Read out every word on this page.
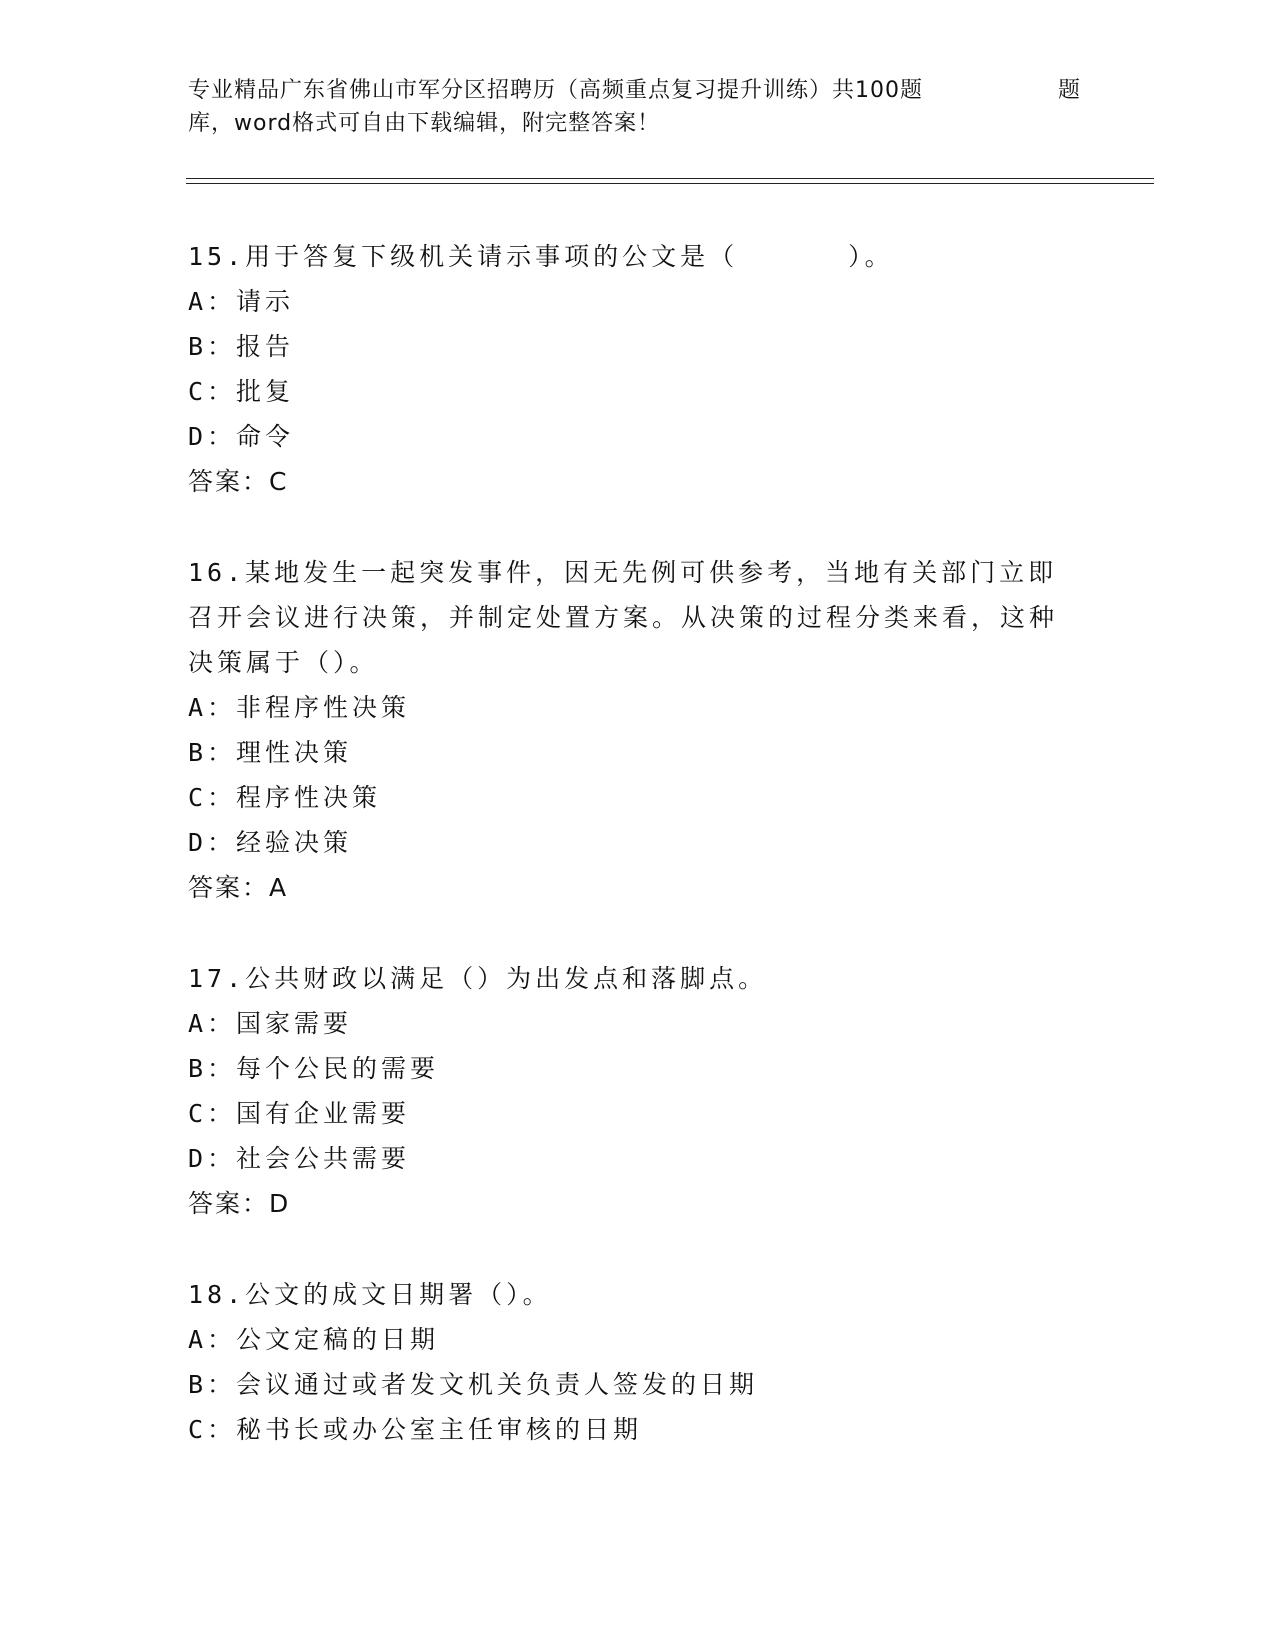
专业精品广东省佛山市军分区招聘历（高频重点复习提升训练）共100题	题
库，word格式可自由下载编辑，附完整答案！
15.用于答复下级机关请示事项的公文是（	）。
A：请示
B：报告
C：批复
D：命令
答案：C
16.某地发生一起突发事件，因无先例可供参考，当地有关部门立即召开会议进行决策，并制定处置方案。从决策的过程分类来看，这种决策属于（）。
A：非程序性决策
B：理性决策
C：程序性决策
D：经验决策
答案：A
17.公共财政以满足（）为出发点和落脚点。
A：国家需要
B：每个公民的需要
C：国有企业需要
D：社会公共需要
答案：D
18.公文的成文日期署（）。
A：公文定稿的日期
B：会议通过或者发文机关负责人签发的日期
C：秘书长或办公室主任审核的日期
